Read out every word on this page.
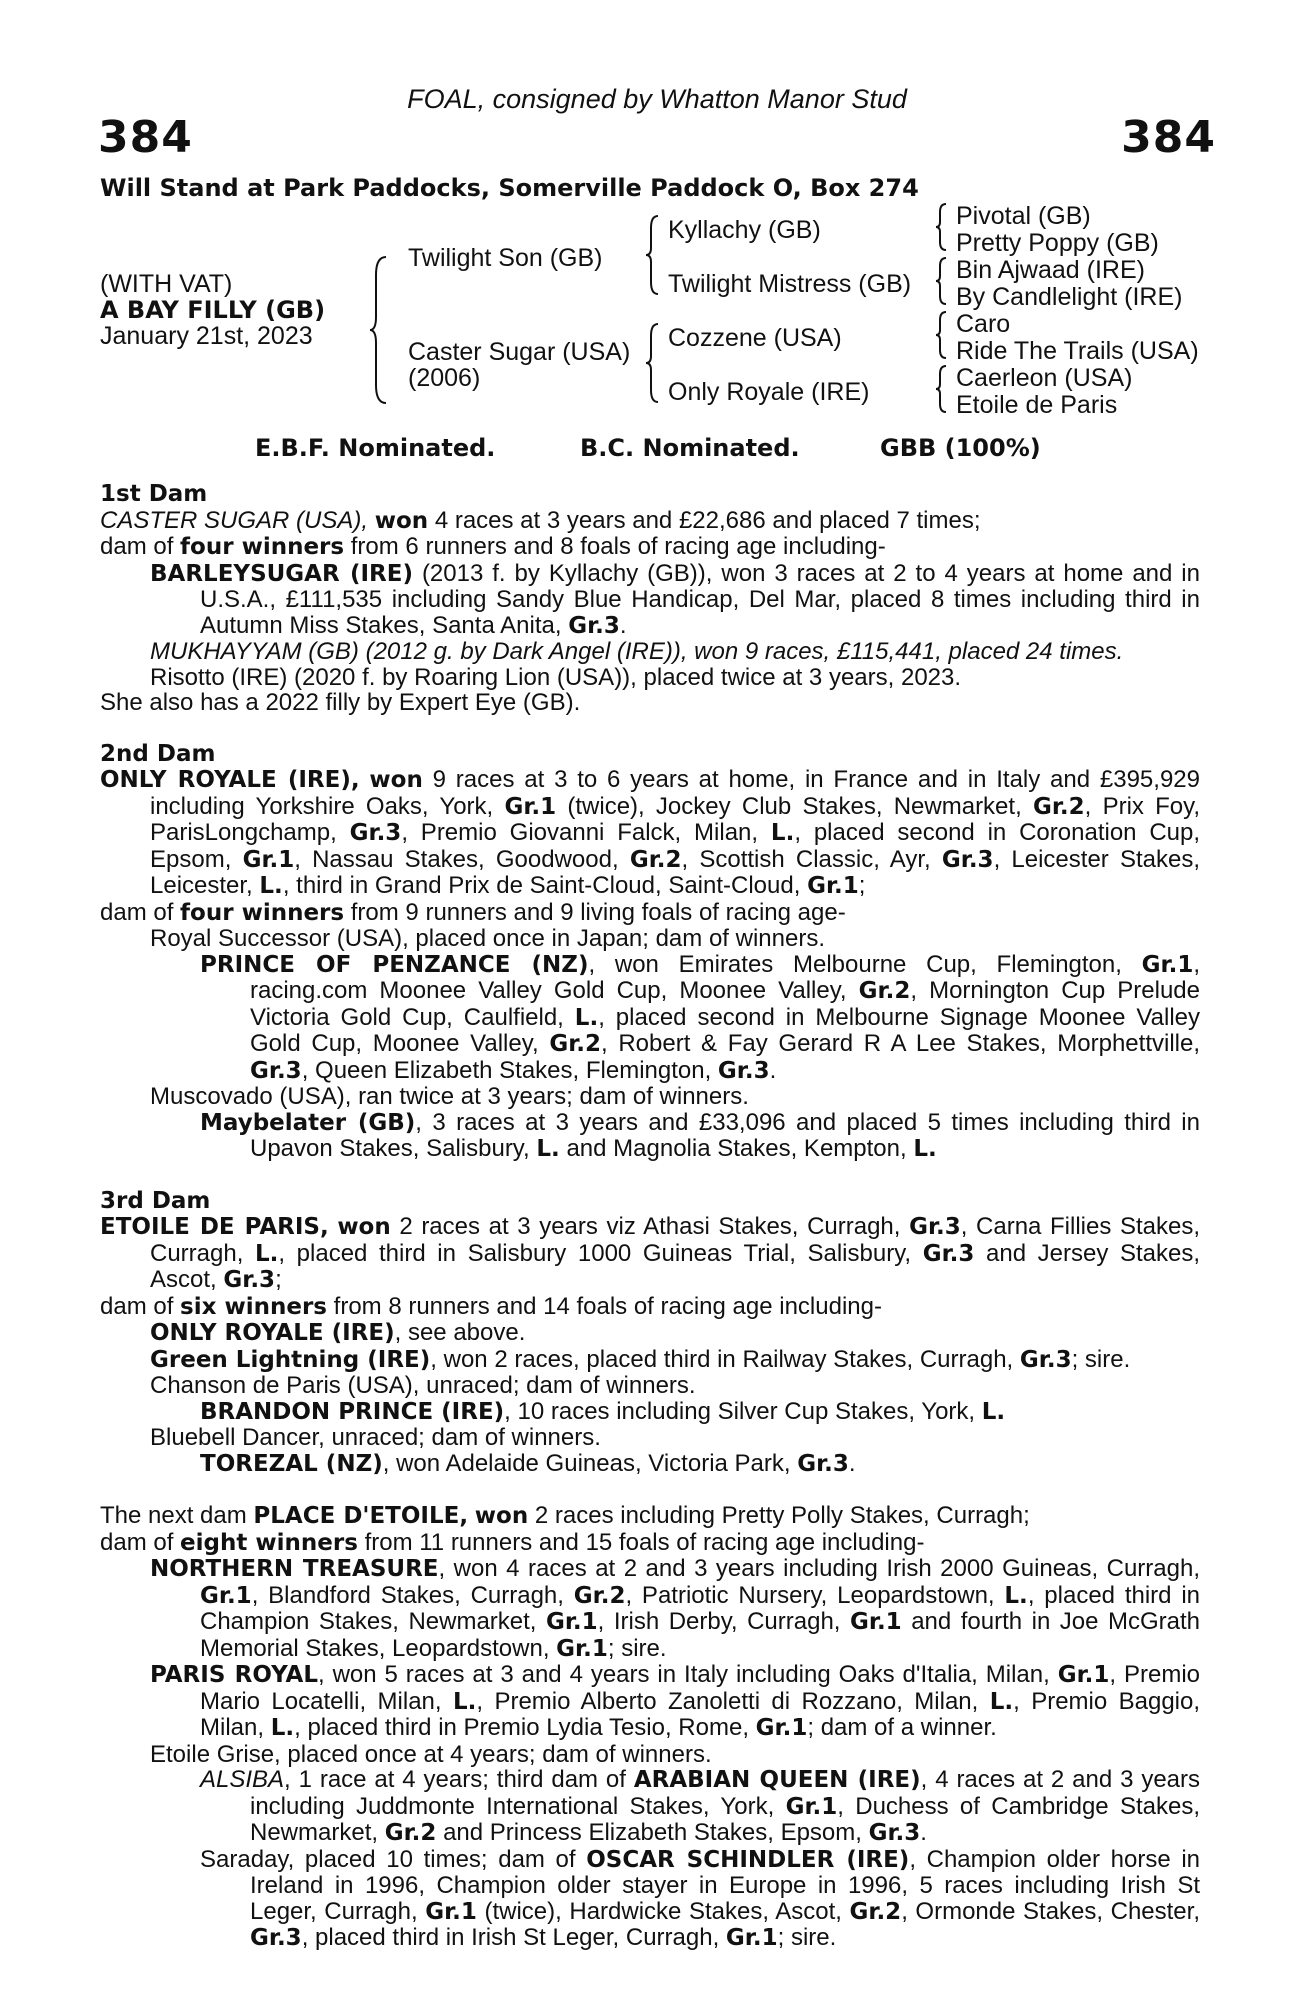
FOAL, consigned by Whatton Manor Stud
384	384
Will Stand at Park Paddocks, Somerville Paddock O, Box 274
(WITH VAT)
A BAY FILLY (GB)
January 21st, 2023
Twilight Son (GB)
Caster Sugar (USA)
(2006)
Kyllachy (GB)
Twilight Mistress (GB)
Cozzene (USA)
Only Royale (IRE)
Pivotal (GB)
Pretty Poppy (GB)
Bin Ajwaad (IRE)
By Candlelight (IRE)
Caro
Ride The Trails (USA)
Caerleon (USA)
Etoile de Paris
E.B.F. Nominated.	B.C. Nominated.	GBB (100%)

1st Dam

CASTER SUGAR (USA), won 4 races at 3 years and £22,686 and placed 7 times;

dam of four winners from 6 runners and 8 foals of racing age including-

BARLEYSUGAR (IRE) (2013 f. by Kyllachy (GB)), won 3 races at 2 to 4 years at home and in U.S.A., £111,535 including Sandy Blue Handicap, Del Mar, placed 8 times including third in Autumn Miss Stakes, Santa Anita, Gr.3.

MUKHAYYAM (GB) (2012 g. by Dark Angel (IRE)), won 9 races, £115,441, placed 24 times.

Risotto (IRE) (2020 f. by Roaring Lion (USA)), placed twice at 3 years, 2023.

She also has a 2022 filly by Expert Eye (GB).

2nd Dam

ONLY ROYALE (IRE), won 9 races at 3 to 6 years at home, in France and in Italy and £395,929 including Yorkshire Oaks, York, Gr.1 (twice), Jockey Club Stakes, Newmarket, Gr.2, Prix Foy, ParisLongchamp, Gr.3, Premio Giovanni Falck, Milan, L., placed second in Coronation Cup, Epsom, Gr.1, Nassau Stakes, Goodwood, Gr.2, Scottish Classic, Ayr, Gr.3, Leicester Stakes, Leicester, L., third in Grand Prix de Saint-Cloud, Saint-Cloud, Gr.1;

dam of four winners from 9 runners and 9 living foals of racing age-

Royal Successor (USA), placed once in Japan; dam of winners.

PRINCE OF PENZANCE (NZ), won Emirates Melbourne Cup, Flemington, Gr.1, racing.com Moonee Valley Gold Cup, Moonee Valley, Gr.2, Mornington Cup Prelude Victoria Gold Cup, Caulfield, L., placed second in Melbourne Signage Moonee Valley Gold Cup, Moonee Valley, Gr.2, Robert & Fay Gerard R A Lee Stakes, Morphettville, Gr.3, Queen Elizabeth Stakes, Flemington, Gr.3.

Muscovado (USA), ran twice at 3 years; dam of winners.

Maybelater (GB), 3 races at 3 years and £33,096 and placed 5 times including third in Upavon Stakes, Salisbury, L. and Magnolia Stakes, Kempton, L.

3rd Dam

ETOILE DE PARIS, won 2 races at 3 years viz Athasi Stakes, Curragh, Gr.3, Carna Fillies Stakes, Curragh, L., placed third in Salisbury 1000 Guineas Trial, Salisbury, Gr.3 and Jersey Stakes, Ascot, Gr.3;

dam of six winners from 8 runners and 14 foals of racing age including-

ONLY ROYALE (IRE), see above.

Green Lightning (IRE), won 2 races, placed third in Railway Stakes, Curragh, Gr.3; sire.

Chanson de Paris (USA), unraced; dam of winners.

BRANDON PRINCE (IRE), 10 races including Silver Cup Stakes, York, L.

Bluebell Dancer, unraced; dam of winners.

TOREZAL (NZ), won Adelaide Guineas, Victoria Park, Gr.3.

The next dam PLACE D'ETOILE, won 2 races including Pretty Polly Stakes, Curragh;

dam of eight winners from 11 runners and 15 foals of racing age including-

NORTHERN TREASURE, won 4 races at 2 and 3 years including Irish 2000 Guineas, Curragh, Gr.1, Blandford Stakes, Curragh, Gr.2, Patriotic Nursery, Leopardstown, L., placed third in Champion Stakes, Newmarket, Gr.1, Irish Derby, Curragh, Gr.1 and fourth in Joe McGrath Memorial Stakes, Leopardstown, Gr.1; sire.

PARIS ROYAL, won 5 races at 3 and 4 years in Italy including Oaks d'Italia, Milan, Gr.1, Premio Mario Locatelli, Milan, L., Premio Alberto Zanoletti di Rozzano, Milan, L., Premio Baggio, Milan, L., placed third in Premio Lydia Tesio, Rome, Gr.1; dam of a winner.

Etoile Grise, placed once at 4 years; dam of winners.

ALSIBA, 1 race at 4 years; third dam of ARABIAN QUEEN (IRE), 4 races at 2 and 3 years including Juddmonte International Stakes, York, Gr.1, Duchess of Cambridge Stakes, Newmarket, Gr.2 and Princess Elizabeth Stakes, Epsom, Gr.3.

Saraday, placed 10 times; dam of OSCAR SCHINDLER (IRE), Champion older horse in Ireland in 1996, Champion older stayer in Europe in 1996, 5 races including Irish St Leger, Curragh, Gr.1 (twice), Hardwicke Stakes, Ascot, Gr.2, Ormonde Stakes, Chester, Gr.3, placed third in Irish St Leger, Curragh, Gr.1; sire.
